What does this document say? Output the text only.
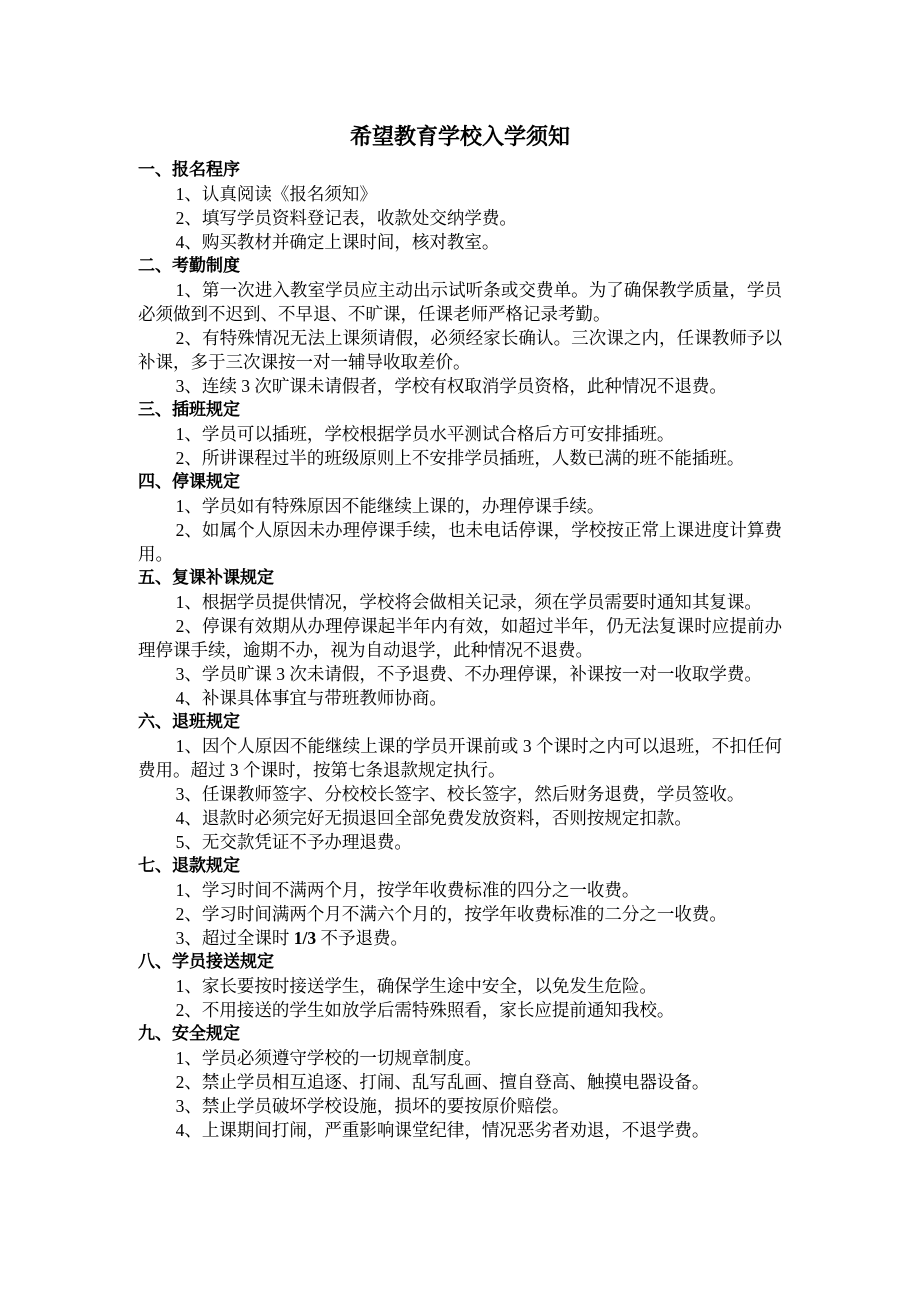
希望教育学校入学须知

一、报名程序

1、认真阅读《报名须知》

2、填写学员资料登记表，收款处交纳学费。

4、购买教材并确定上课时间，核对教室。

二、考勤制度

1、第一次进入教室学员应主动出示试听条或交费单。为了确保教学质量，学员必须做到不迟到、不早退、不旷课，任课老师严格记录考勤。

2、有特殊情况无法上课须请假，必须经家长确认。三次课之内，任课教师予以补课，多于三次课按一对一辅导收取差价。

3、连续 3 次旷课未请假者，学校有权取消学员资格，此种情况不退费。

三、插班规定

1、学员可以插班，学校根据学员水平测试合格后方可安排插班。

2、所讲课程过半的班级原则上不安排学员插班，人数已满的班不能插班。

四、停课规定

1、学员如有特殊原因不能继续上课的，办理停课手续。

2、如属个人原因未办理停课手续，也未电话停课，学校按正常上课进度计算费用。

五、复课补课规定

1、根据学员提供情况，学校将会做相关记录，须在学员需要时通知其复课。

2、停课有效期从办理停课起半年内有效，如超过半年，仍无法复课时应提前办理停课手续，逾期不办，视为自动退学，此种情况不退费。

3、学员旷课 3 次未请假，不予退费、不办理停课，补课按一对一收取学费。

4、补课具体事宜与带班教师协商。

六、退班规定

1、因个人原因不能继续上课的学员开课前或 3 个课时之内可以退班，不扣任何费用。超过 3 个课时，按第七条退款规定执行。

3、任课教师签字、分校校长签字、校长签字，然后财务退费，学员签收。

4、退款时必须完好无损退回全部免费发放资料，否则按规定扣款。

5、无交款凭证不予办理退费。

七、退款规定

1、学习时间不满两个月，按学年收费标准的四分之一收费。

2、学习时间满两个月不满六个月的，按学年收费标准的二分之一收费。

3、超过全课时 1/3 不予退费。

八、学员接送规定

1、家长要按时接送学生，确保学生途中安全，以免发生危险。

2、不用接送的学生如放学后需特殊照看，家长应提前通知我校。

九、安全规定

1、学员必须遵守学校的一切规章制度。

2、禁止学员相互追逐、打闹、乱写乱画、擅自登高、触摸电器设备。

3、禁止学员破坏学校设施，损坏的要按原价赔偿。

4、上课期间打闹，严重影响课堂纪律，情况恶劣者劝退，不退学费。
